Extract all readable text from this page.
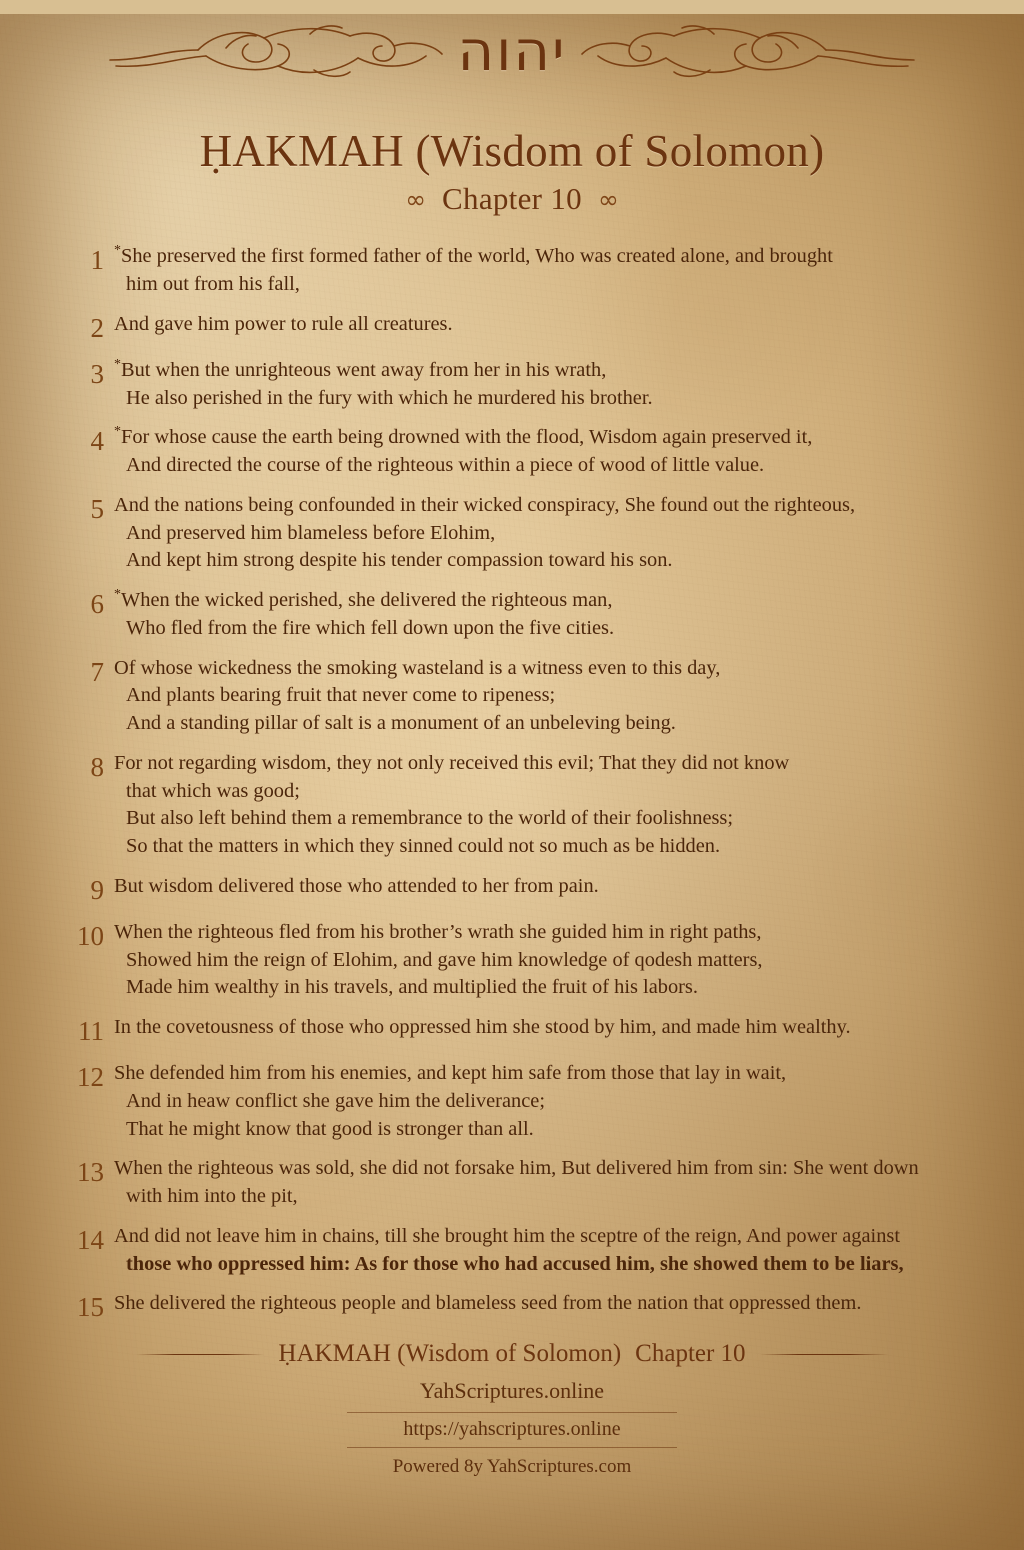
יהוה
ḤAKMAH (Wisdom of Solomon)
∞ Chapter 10 ∞
1 *She preserved the first formed father of the world, Who was created alone, and brought
him out from his fall,
2 And gave him power to rule all creatures.
3 *But when the unrighteous went away from her in his wrath,
He also perished in the fury with which he murdered his brother.
4 *For whose cause the earth being drowned with the flood, Wisdom again preserved it,
And directed the course of the righteous within a piece of wood of little value.
5 And the nations being confounded in their wicked conspiracy, She found out the righteous,
And preserved him blameless before Elohim,
And kept him strong despite his tender compassion toward his son.
6 *When the wicked perished, she delivered the righteous man,
Who fled from the fire which fell down upon the five cities.
7 Of whose wickedness the smoking wasteland is a witness even to this day,
And plants bearing fruit that never come to ripeness;
And a standing pillar of salt is a monument of an unbeleving being.
8 For not regarding wisdom, they not only received this evil; That they did not know
that which was good;
But also left behind them a remembrance to the world of their foolishness;
So that the matters in which they sinned could not so much as be hidden.
9 But wisdom delivered those who attended to her from pain.
10 When the righteous fled from his brother’s wrath she guided him in right paths,
Showed him the reign of Elohim, and gave him knowledge of qodesh matters,
Made him wealthy in his travels, and multiplied the fruit of his labors.
11 In the covetousness of those who oppressed him she stood by him, and made him wealthy.
12 She defended him from his enemies, and kept him safe from those that lay in wait,
And in heaw conflict she gave him the deliverance;
That he might know that good is stronger than all.
13 When the righteous was sold, she did not forsake him, But delivered him from sin: She went down
with him into the pit,
14 And did not leave him in chains, till she brought him the sceptre of the reign, And power against
those who oppressed him: As for those who had accused him, she showed them to be liars,
15 She delivered the righteous people and blameless seed from the nation that oppressed them.
ḤAKMAH (Wisdom of Solomon) Chapter 10
YahScriptures.online
https://yahscriptures.online
Powered 8y YahScriptures.com
